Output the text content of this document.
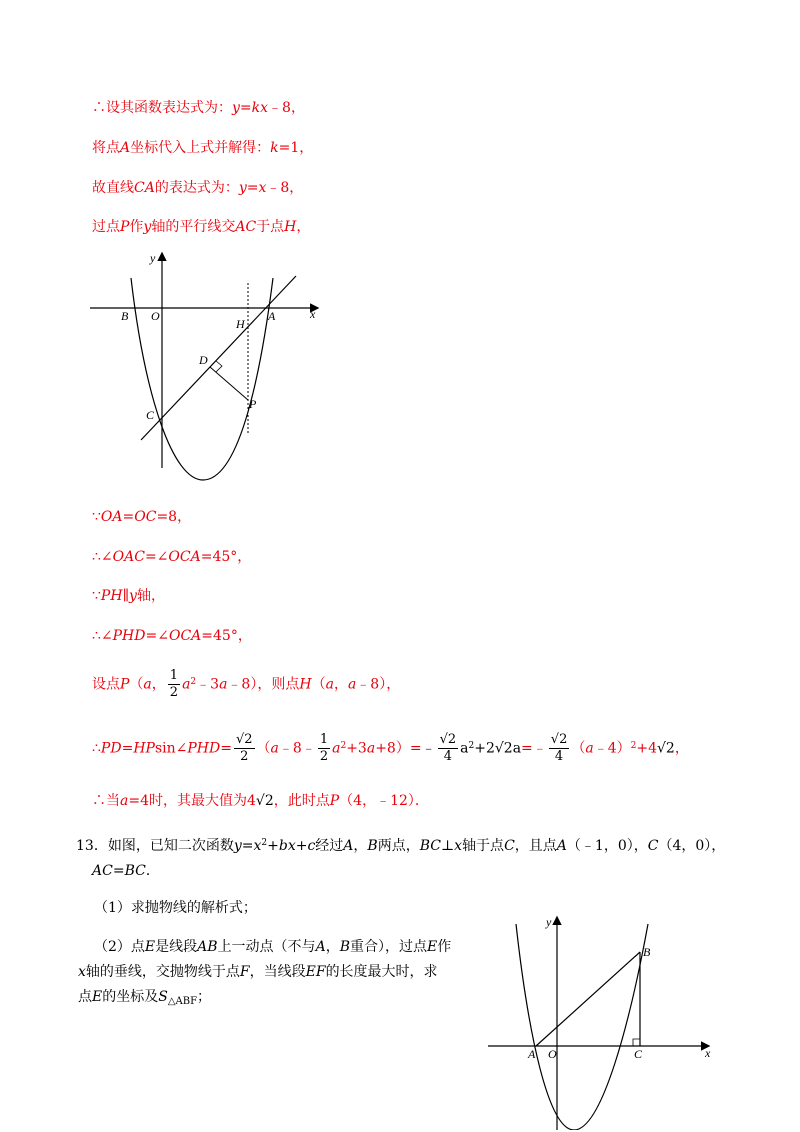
∴设其函数表达式为：y=kx﹣8，
将点A坐标代入上式并解得：k=1，
故直线CA的表达式为：y=x﹣8，
过点P作y轴的平行线交AC于点H，
y
x
B O
H
A
D
C
P
∵OA=OC=8，
∴∠OAC=∠OCA=45°，
∵PH∥y轴，
∴∠PHD=∠OCA=45°，
设点P（a， $\frac{1}{2}$ $a^2﹣3a﹣8$），则点H（a，a﹣8），
∴PD=HPsin∠PHD= $\frac{√2}{2}$ （a﹣8﹣ $\frac{1}{2}$ $a^2+3a+8)=﹣ \frac{√2}{4}$ $a^2+2√2a=﹣ \frac{√2}{4}$ （a﹣4）$^2$+4√2，
∴当a=4时，其最大值为4√2，此时点P（4，﹣12）．
13．如图，已知二次函数$y=x^2+bx+c$经过A，B两点，BC⊥x轴于点C，且点A（﹣1，0），C（4，0），
AC=BC．
（1）求抛物线的解析式；
（2）点E是线段AB上一动点（不与A，B重合），过点E作
x轴的垂线，交抛物线于点F，当线段EF的长度最大时，求
点E的坐标及$S_{\triangle ABF}$；
y
x
B
A O	C
